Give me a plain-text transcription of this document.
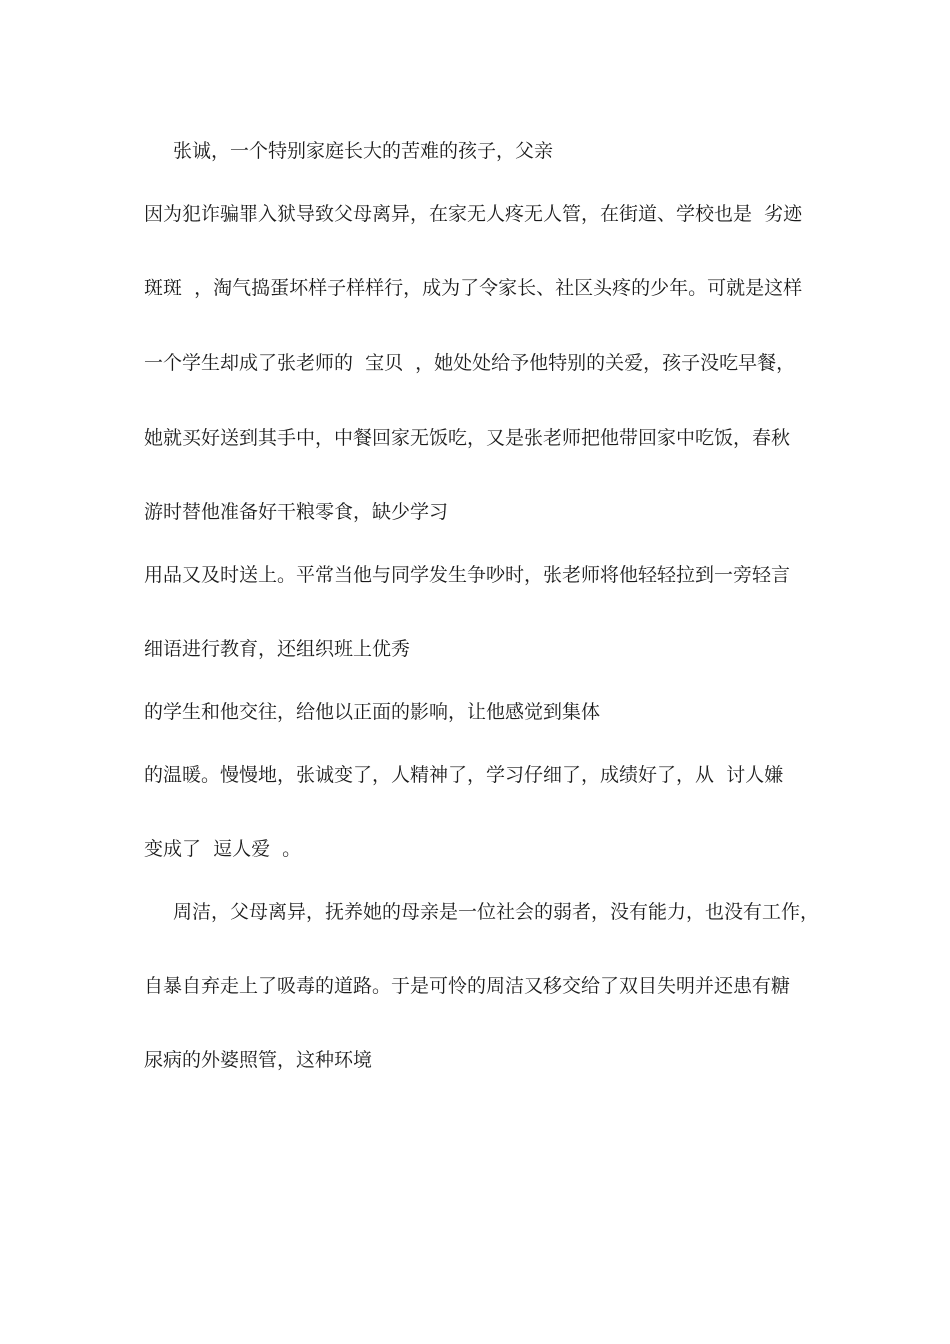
张诚，一个特别家庭长大的苦难的孩子，父亲
因为犯诈骗罪入狱导致父母离异，在家无人疼无人管，在街道、学校也是  劣迹
斑斑  ，淘气捣蛋坏样子样样行，成为了令家长、社区头疼的少年。可就是这样
一个学生却成了张老师的  宝贝  ，她处处给予他特别的关爱，孩子没吃早餐，
她就买好送到其手中，中餐回家无饭吃，又是张老师把他带回家中吃饭，春秋
游时替他准备好干粮零食，缺少学习
用品又及时送上。平常当他与同学发生争吵时，张老师将他轻轻拉到一旁轻言
细语进行教育，还组织班上优秀
的学生和他交往，给他以正面的影响，让他感觉到集体
的温暖。慢慢地，张诚变了，人精神了，学习仔细了，成绩好了，从  讨人嫌
变成了  逗人爱  。
周洁，父母离异，抚养她的母亲是一位社会的弱者，没有能力，也没有工作，
自暴自弃走上了吸毒的道路。于是可怜的周洁又移交给了双目失明并还患有糖
尿病的外婆照管，这种环境
